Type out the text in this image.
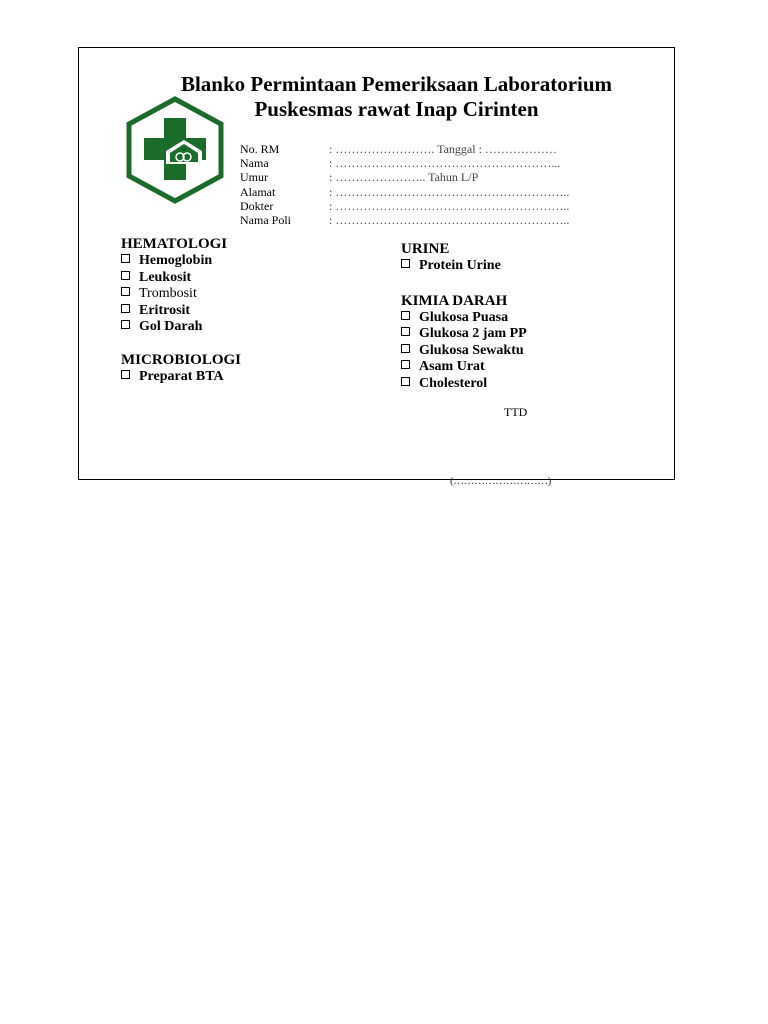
Blanko Permintaan Pemeriksaan Laboratorium
Puskesmas rawat Inap Cirinten
No. RM	: ……………………. Tanggal : ………………
Nama	: ………………………………………………...
Umur	: ………………….. Tahun L/P
Alamat	: …………………………………………………..
Dokter	: …………………………………………………..
Nama Poli	: …………………………………………………..
HEMATOLOGI
Hemoglobin
Leukosit
Trombosit
Eritrosit
Gol Darah
MICROBIOLOGI
Preparat BTA
URINE
Protein Urine
KIMIA DARAH
Glukosa Puasa
Glukosa 2 jam PP
Glukosa Sewaktu
Asam Urat
Cholesterol
TTD
(………………………)
